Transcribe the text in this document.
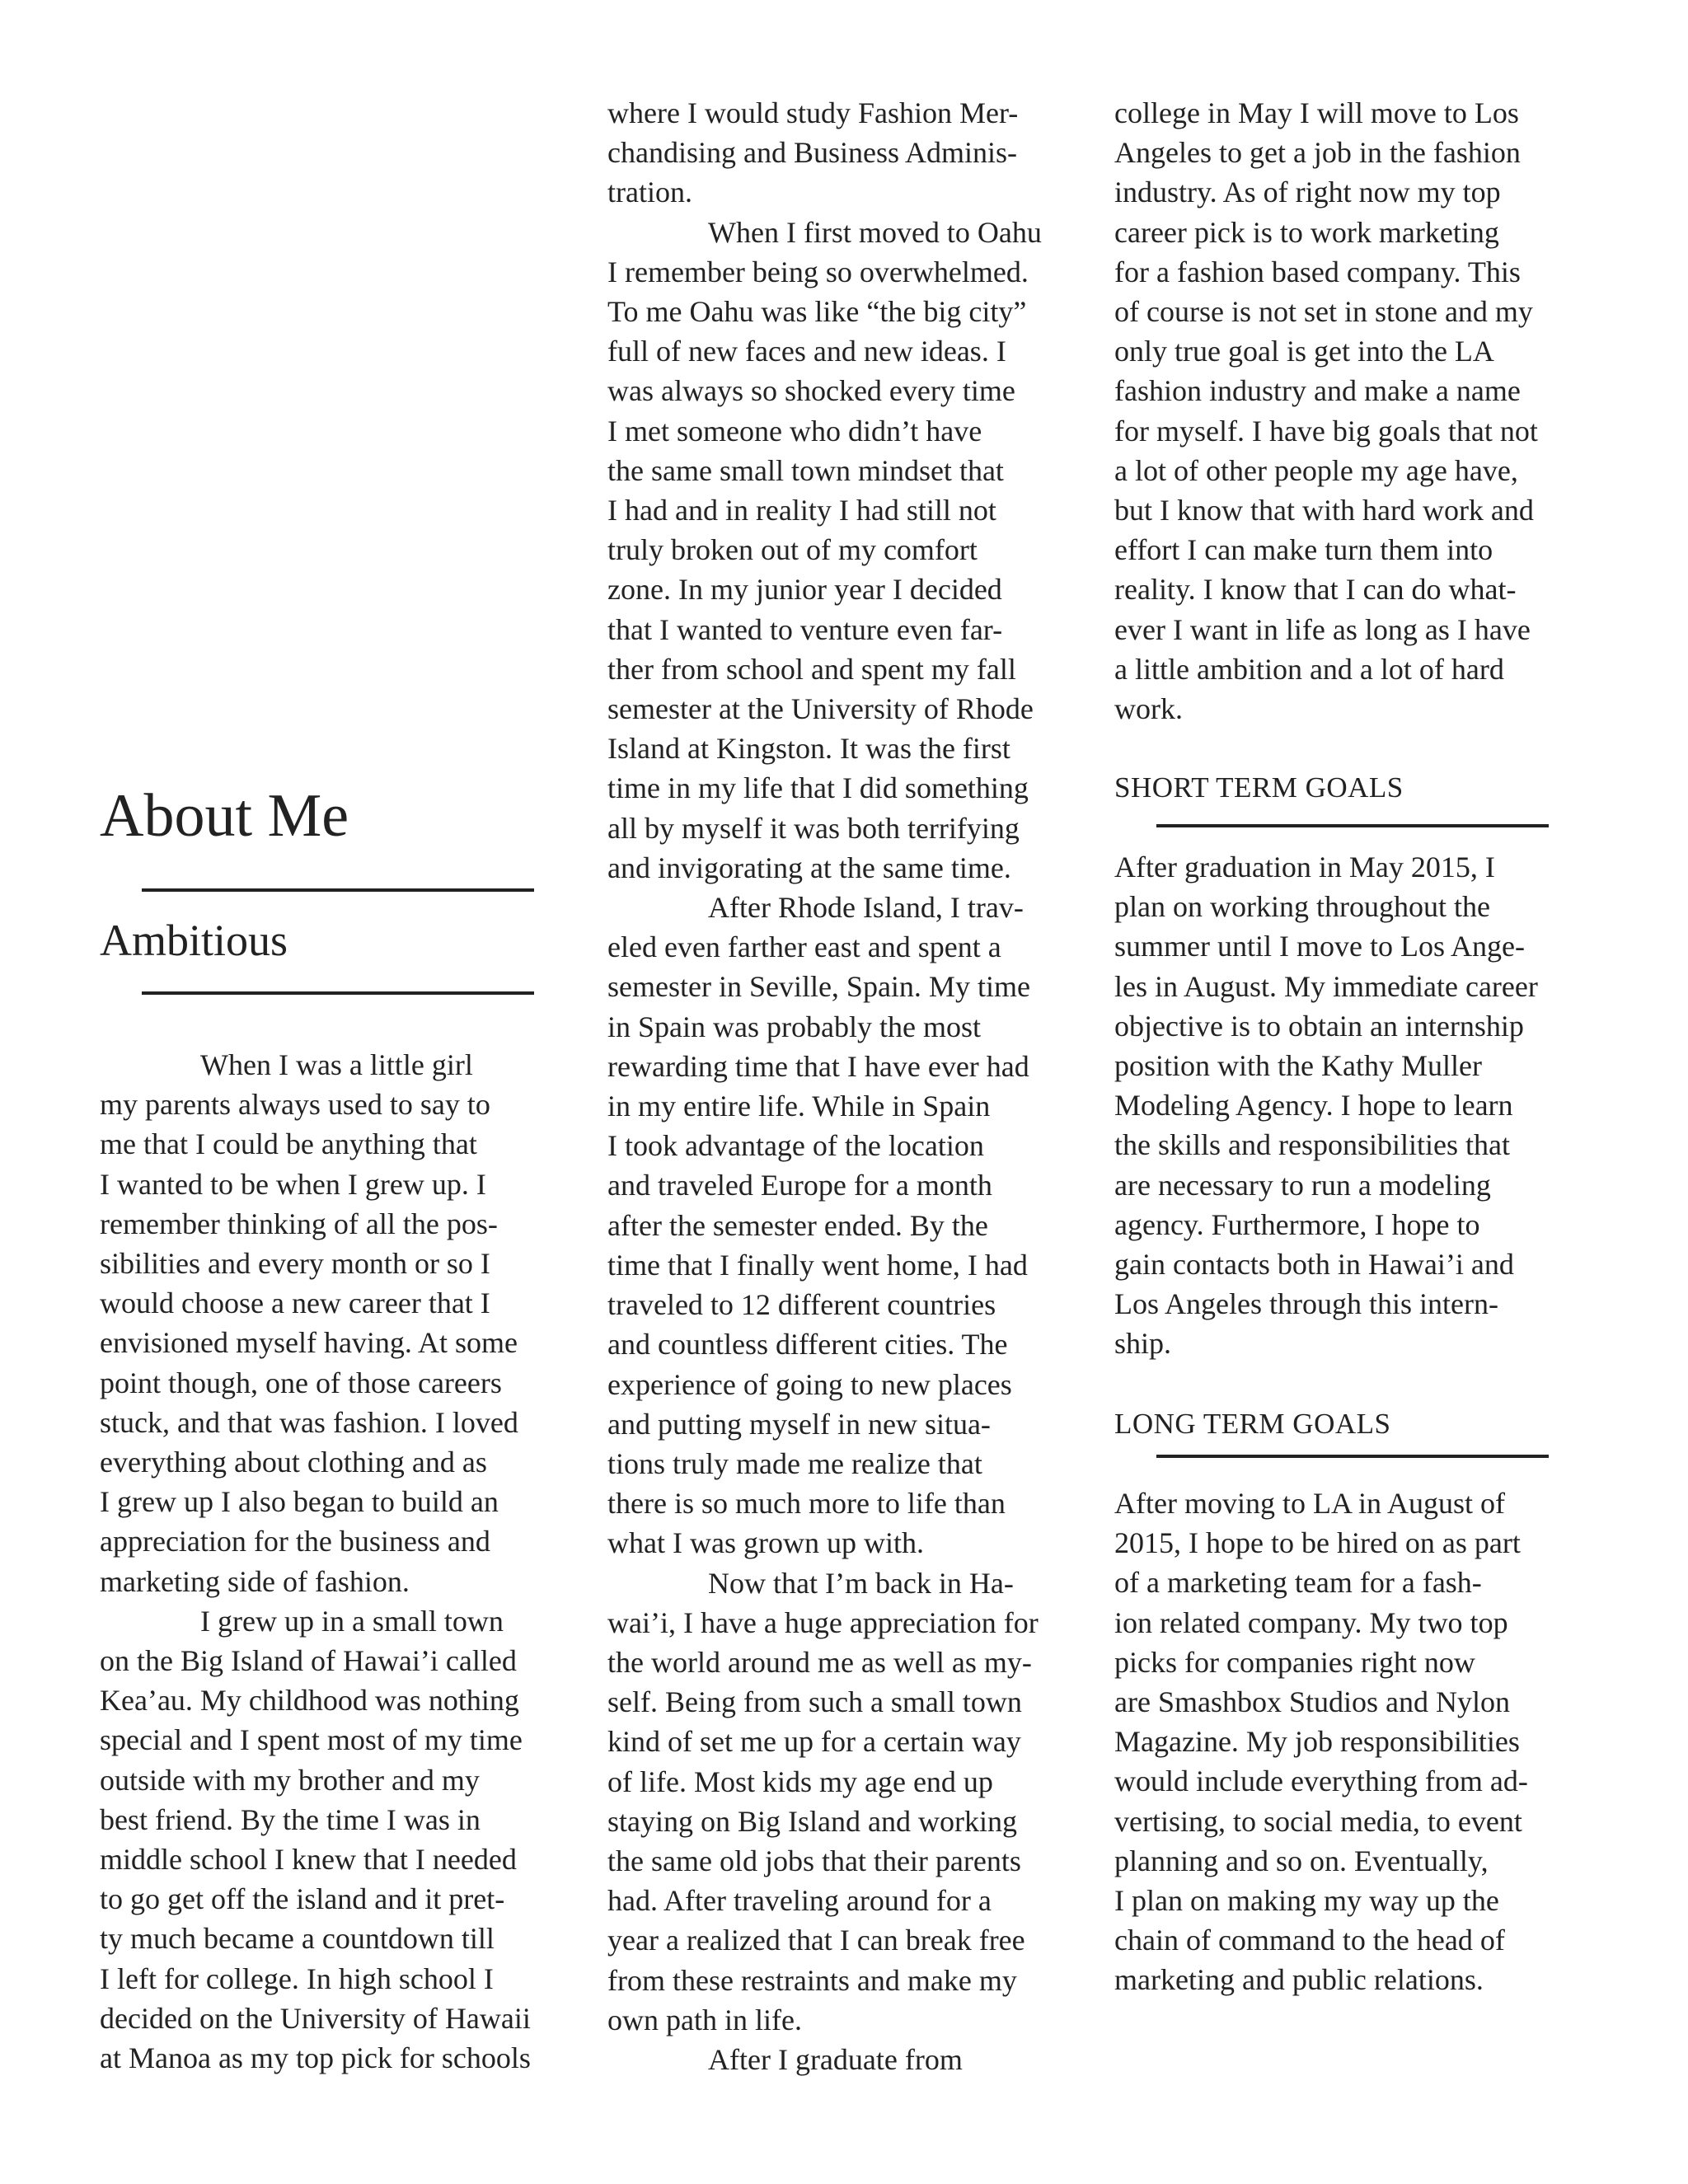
About Me
Ambitious
When I was a little girl
my parents always used to say to
me that I could be anything that
I wanted to be when I grew up. I
remember thinking of all the pos-
sibilities and every month or so I
would choose a new career that I
envisioned myself having. At some
point though, one of those careers
stuck, and that was fashion. I loved
everything about clothing and as
I grew up I also began to build an
appreciation for the business and
marketing side of fashion.
I grew up in a small town
on the Big Island of Hawai’i called
Kea’au. My childhood was nothing
special and I spent most of my time
outside with my brother and my
best friend. By the time I was in
middle school I knew that I needed
to go get off the island and it pret-
ty much became a countdown till
I left for college. In high school I
decided on the University of Hawaii
at Manoa as my top pick for schools
where I would study Fashion Mer-
chandising and Business Adminis-
tration.
When I first moved to Oahu
I remember being so overwhelmed.
To me Oahu was like “the big city”
full of new faces and new ideas. I
was always so shocked every time
I met someone who didn’t have
the same small town mindset that
I had and in reality I had still not
truly broken out of my comfort
zone. In my junior year I decided
that I wanted to venture even far-
ther from school and spent my fall
semester at the University of Rhode
Island at Kingston. It was the first
time in my life that I did something
all by myself it was both terrifying
and invigorating at the same time.
After Rhode Island, I trav-
eled even farther east and spent a
semester in Seville, Spain. My time
in Spain was probably the most
rewarding time that I have ever had
in my entire life. While in Spain
I took advantage of the location
and traveled Europe for a month
after the semester ended. By the
time that I finally went home, I had
traveled to 12 different countries
and countless different cities. The
experience of going to new places
and putting myself in new situa-
tions truly made me realize that
there is so much more to life than
what I was grown up with.
Now that I’m back in Ha-
wai’i, I have a huge appreciation for
the world around me as well as my-
self. Being from such a small town
kind of set me up for a certain way
of life. Most kids my age end up
staying on Big Island and working
the same old jobs that their parents
had. After traveling around for a
year a realized that I can break free
from these restraints and make my
own path in life.
After I graduate from
college in May I will move to Los
Angeles to get a job in the fashion
industry. As of right now my top
career pick is to work marketing
for a fashion based company. This
of course is not set in stone and my
only true goal is get into the LA
fashion industry and make a name
for myself. I have big goals that not
a lot of other people my age have,
but I know that with hard work and
effort I can make turn them into
reality. I know that I can do what-
ever I want in life as long as I have
a little ambition and a lot of hard
work.
SHORT TERM GOALS
After graduation in May 2015, I
plan on working throughout the
summer until I move to Los Ange-
les in August. My immediate career
objective is to obtain an internship
position with the Kathy Muller
Modeling Agency. I hope to learn
the skills and responsibilities that
are necessary to run a modeling
agency. Furthermore, I hope to
gain contacts both in Hawai’i and
Los Angeles through this intern-
ship.
LONG TERM GOALS
After moving to LA in August of
2015, I hope to be hired on as part
of a marketing team for a fash-
ion related company. My two top
picks for companies right now
are Smashbox Studios and Nylon
Magazine. My job responsibilities
would include everything from ad-
vertising, to social media, to event
planning and so on. Eventually,
I plan on making my way up the
chain of command to the head of
marketing and public relations.
